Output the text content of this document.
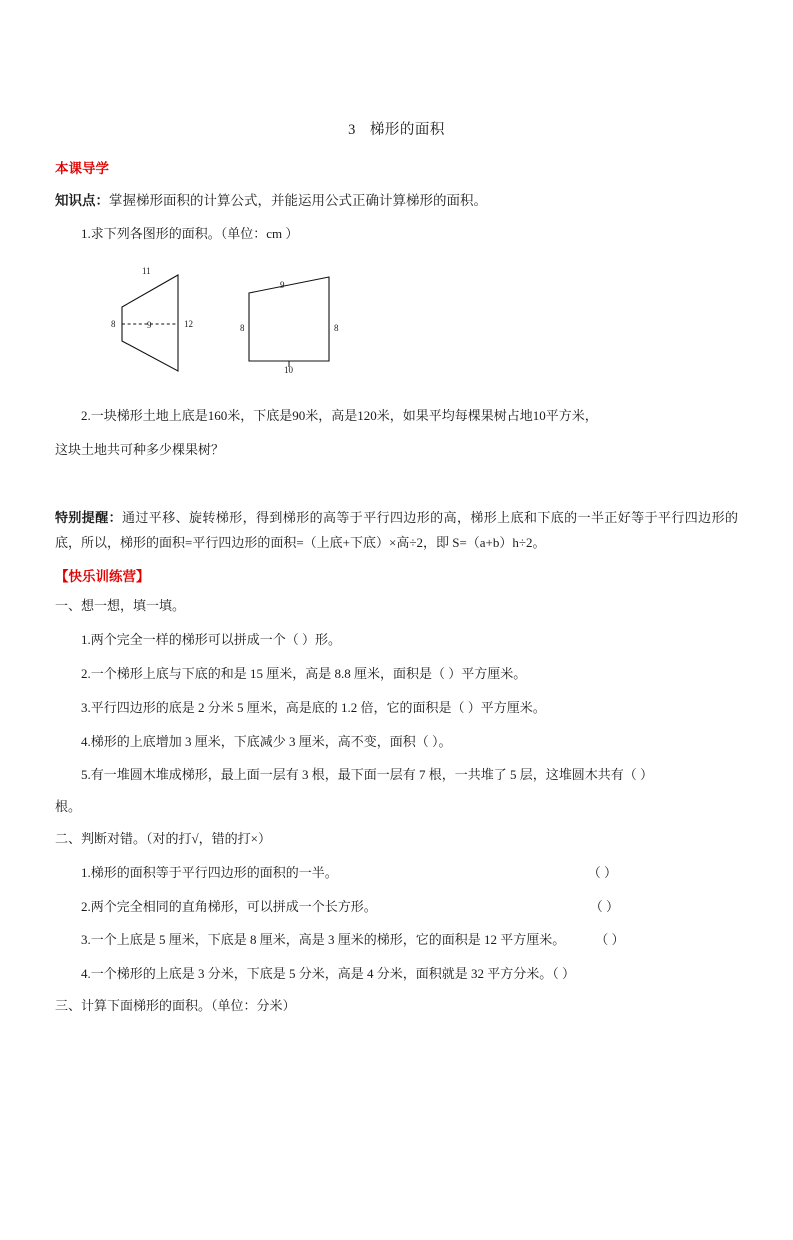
3 梯形的面积
本课导学
知识点：掌握梯形面积的计算公式，并能运用公式正确计算梯形的面积。
1.求下列各图形的面积。（单位：cm ）
11
8	9	12
9
8	8
10
2.一块梯形土地上底是160米，下底是90米，高是120米，如果平均每棵果树占地10平方米，
这块土地共可种多少棵果树？
特别提醒：通过平移、旋转梯形，得到梯形的高等于平行四边形的高，梯形上底和下底的一半正好等于平行四边形的底，所以，梯形的面积=平行四边形的面积=（上底+下底）×高÷2，即 S=（a+b）h÷2。
【快乐训练营】
一、想一想，填一填。
1.两个完全一样的梯形可以拼成一个（ ）形。
2.一个梯形上底与下底的和是 15 厘米，高是 8.8 厘米，面积是（ ）平方厘米。
3.平行四边形的底是 2 分米 5 厘米，高是底的 1.2 倍，它的面积是（ ）平方厘米。
4.梯形的上底增加 3 厘米，下底减少 3 厘米，高不变，面积（ ）。
5.有一堆圆木堆成梯形，最上面一层有 3 根，最下面一层有 7 根，一共堆了 5 层，这堆圆木共有（ ）
根。
二、判断对错。（对的打√，错的打×）
1.梯形的面积等于平行四边形的面积的一半。	（ ）
2.两个完全相同的直角梯形，可以拼成一个长方形。	（ ）
3.一个上底是 5 厘米，下底是 8 厘米，高是 3 厘米的梯形，它的面积是 12 平方厘米。 （ ）
4.一个梯形的上底是 3 分米，下底是 5 分米，高是 4 分米，面积就是 32 平方分米。（ ）
三、计算下面梯形的面积。（单位：分米）
